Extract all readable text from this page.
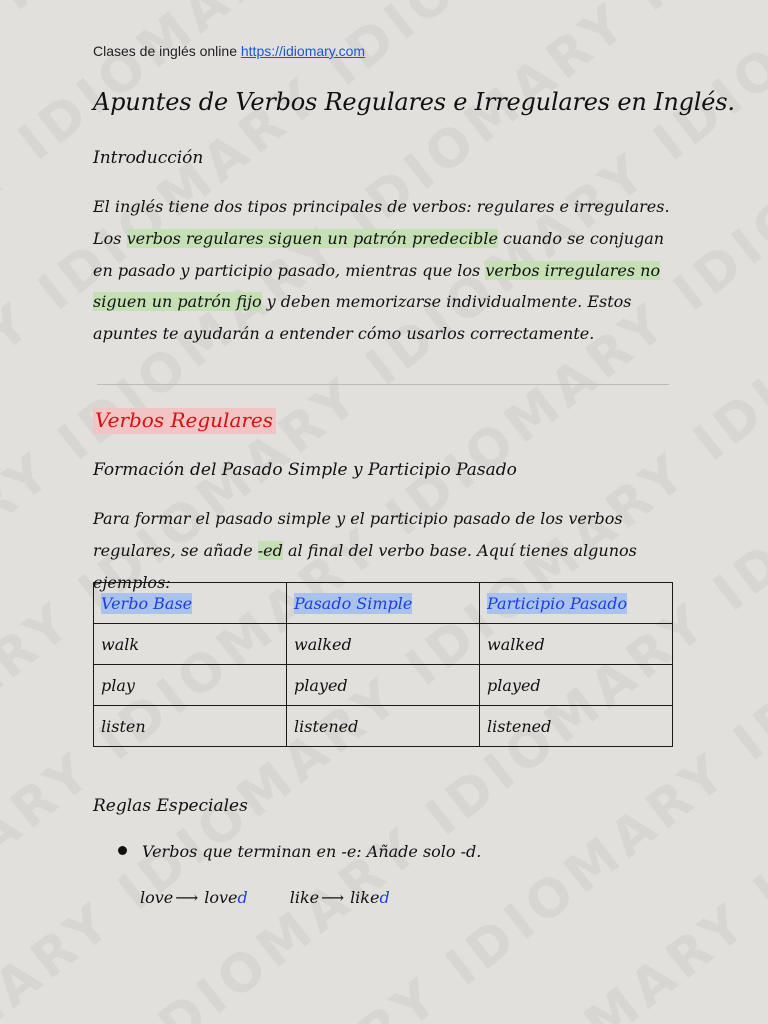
Clases de inglés online https://idiomary.com
Apuntes de Verbos Regulares e Irregulares en Inglés.
Introducción

El inglés tiene dos tipos principales de verbos: regulares e irregulares. Los verbos regulares siguen un patrón predecible cuando se conjugan en pasado y participio pasado, mientras que los verbos irregulares no siguen un patrón fijo y deben memorizarse individualmente. Estos apuntes te ayudarán a entender cómo usarlos correctamente.

Verbos Regulares
Formación del Pasado Simple y Participio Pasado

Para formar el pasado simple y el participio pasado de los verbos regulares, se añade -ed al final del verbo base. Aquí tienes algunos ejemplos:

Verbo Base	Pasado Simple	Participio Pasado
walk	walked	walked
play	played	played
listen	listened	listened
Reglas Especiales
Verbos que terminan en -e: Añade solo -d.
love ⟶ loved	like ⟶ liked
